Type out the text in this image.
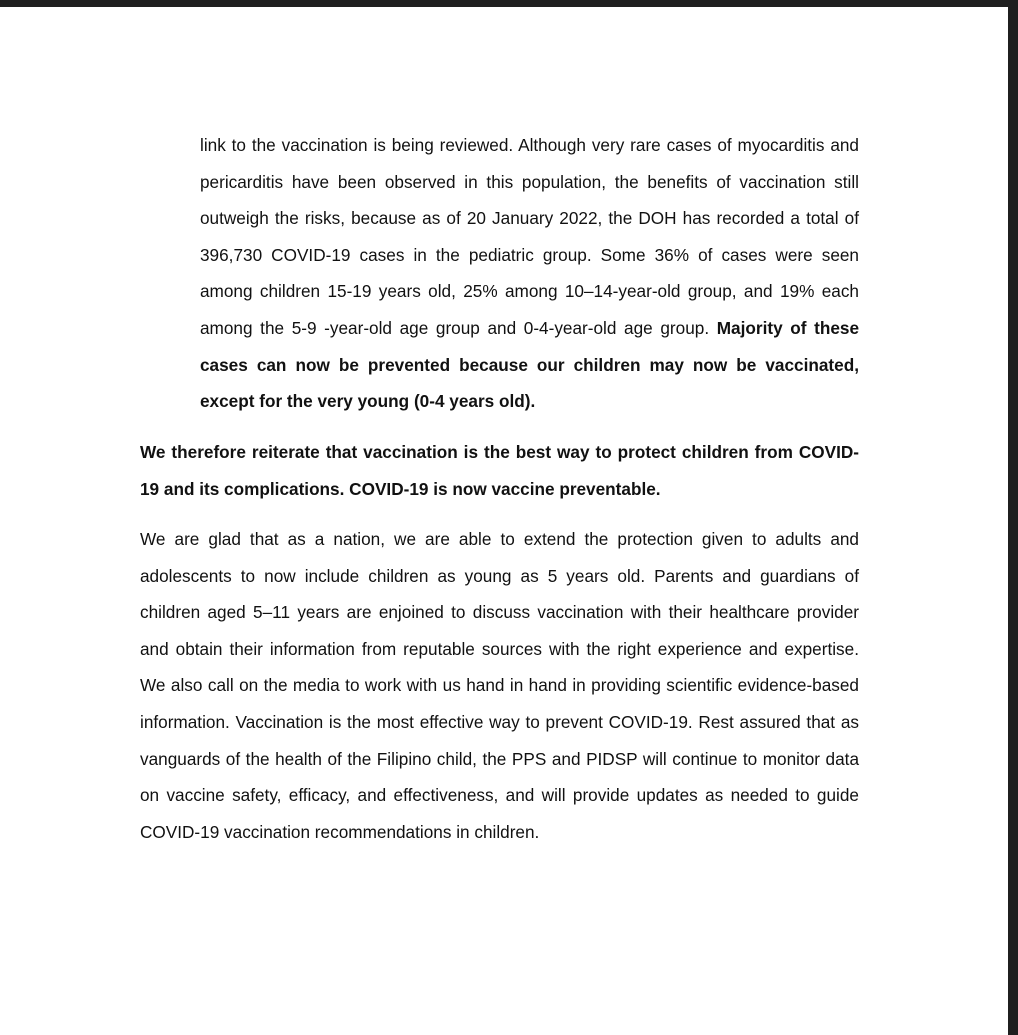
link to the vaccination is being reviewed. Although very rare cases of myocarditis and pericarditis have been observed in this population, the benefits of vaccination still outweigh the risks, because as of 20 January 2022, the DOH has recorded a total of 396,730 COVID-19 cases in the pediatric group. Some 36% of cases were seen among children 15-19 years old, 25% among 10–14-year-old group, and 19% each among the 5-9 -year-old age group and 0-4-year-old age group. Majority of these cases can now be prevented because our children may now be vaccinated, except for the very young (0-4 years old).

We therefore reiterate that vaccination is the best way to protect children from COVID-19 and its complications. COVID-19 is now vaccine preventable.

We are glad that as a nation, we are able to extend the protection given to adults and adolescents to now include children as young as 5 years old. Parents and guardians of children aged 5–11 years are enjoined to discuss vaccination with their healthcare provider and obtain their information from reputable sources with the right experience and expertise. We also call on the media to work with us hand in hand in providing scientific evidence-based information. Vaccination is the most effective way to prevent COVID-19. Rest assured that as vanguards of the health of the Filipino child, the PPS and PIDSP will continue to monitor data on vaccine safety, efficacy, and effectiveness, and will provide updates as needed to guide COVID-19 vaccination recommendations in children.
